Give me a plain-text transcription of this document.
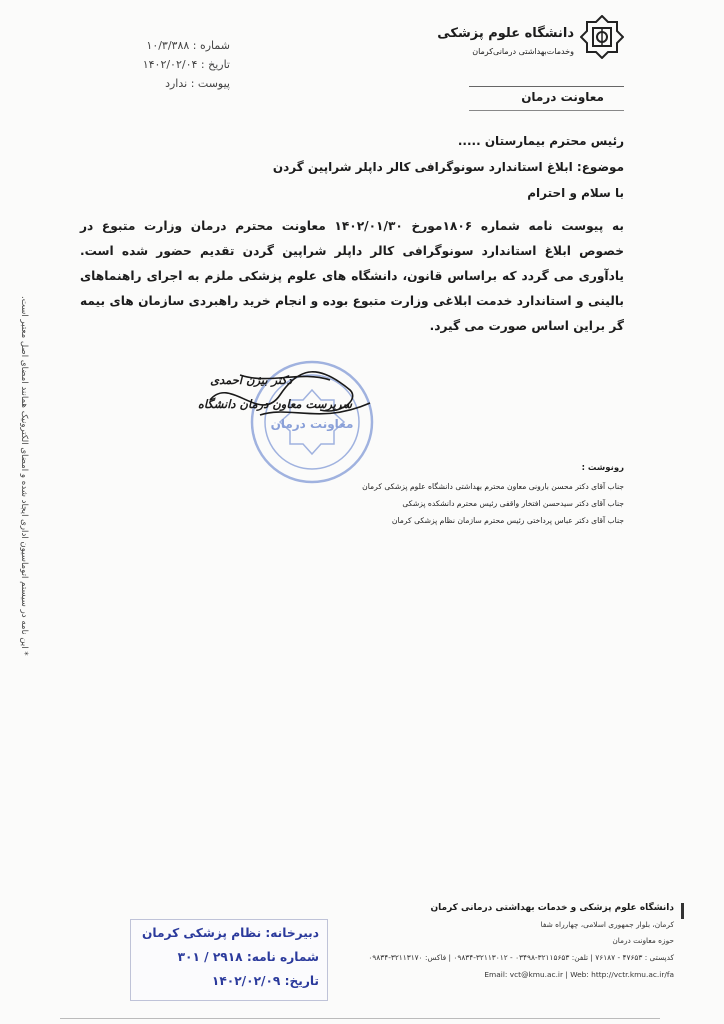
دانشگاه علوم پزشکی
وخدمات‌بهداشتی درمانی‌کرمان
معاونت درمان
شماره : ۱۰/۳/۳۸۸
تاریخ : ۱۴۰۲/۰۲/۰۴
پیوست : ندارد
رئیس محترم بیمارستان .....
موضوع: ابلاغ استاندارد سونوگرافی کالر داپلر شراپین گردن
با سلام و احترام
به پیوست نامه شماره ۱۸۰۶مورخ ۱۴۰۲/۰۱/۳۰ معاونت محترم درمان وزارت متبوع در خصوص ابلاغ استاندارد سونوگرافی کالر داپلر شراپین گردن تقدیم حضور شده است. یادآوری می گردد که براساس قانون، دانشگاه های علوم پزشکی ملزم به اجرای راهنماهای بالینی و استاندارد خدمت ابلاغی وزارت متبوع بوده و انجام خرید راهبردی سازمان های بیمه گر براین اساس صورت می گیرد.
معاونت درمان
دکتر بیژن احمدی
سرپرست معاون درمان دانشگاه
رونوشت :
جناب آقای دکتر محسن بارونی معاون محترم بهداشتی دانشگاه علوم پزشکی کرمان
جناب آقای دکتر سیدحسن افتخار واقفی رئیس محترم دانشکده پزشکی
جناب آقای دکتر عباس پرداختی رئیس محترم سازمان نظام پزشکی کرمان
* این نامه در سیستم اتوماسیون اداری ایجاد شده و امضای الکترونیک همانند امضای اصل معتبر است.
دبیرخانه: نظام پزشکی کرمان
شماره نامه: ۲۹۱۸ / ۳۰۱
تاریخ: ۱۴۰۲/۰۲/۰۹
دانشگاه علوم پزشکی و خدمات بهداشتی درمانی کرمان
کرمان، بلوار جمهوری اسلامی، چهارراه شفا
حوزه معاونت درمان
کدپستی : ۴۷۶۵۳ - ۷۶۱۸۷ | تلفن: ۳۲۱۱۵۶۵۳-۰۳۴۹۸ - ۳۲۱۱۳۰۱۲-۰۹۸۳۴ | فاکس: ۳۲۱۱۳۱۷۰-۰۹۸۳۴
Email: vct@kmu.ac.ir | Web: http://vctr.kmu.ac.ir/fa
